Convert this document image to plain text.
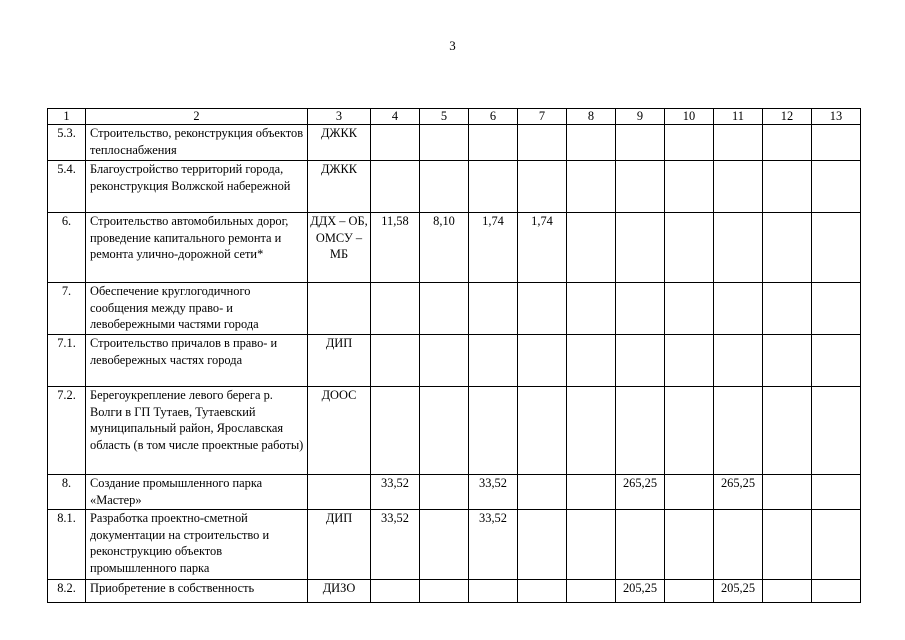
3
1	2	3	4	5	6	7	8	9	10	11	12	13
5.3.	Строительство, реконструкция объектов теплоснабжения	ДЖКК										
5.4.	Благоустройство территорий города, реконструкция Волжской набережной	ДЖКК										
6.	Строительство автомобильных дорог, проведение капитального ремонта и ремонта улично-дорожной сети*	ДДХ – ОБ, ОМСУ – МБ	11,58	8,10	1,74	1,74						
7.	Обеспечение круглогодичного сообщения между право- и левобережными частями города											
7.1.	Строительство причалов в право- и левобережных частях города	ДИП										
7.2.	Берегоукрепление левого берега р. Волги в ГП Тутаев, Тутаевский муниципальный район, Ярославская область (в том числе проектные работы)	ДООС										
8.	Создание промышленного парка «Мастер»		33,52		33,52			265,25		265,25		
8.1.	Разработка проектно-сметной документации на строительство и реконструкцию объектов промышленного парка	ДИП	33,52		33,52							
8.2.	Приобретение в собственность	ДИЗО						205,25		205,25		
